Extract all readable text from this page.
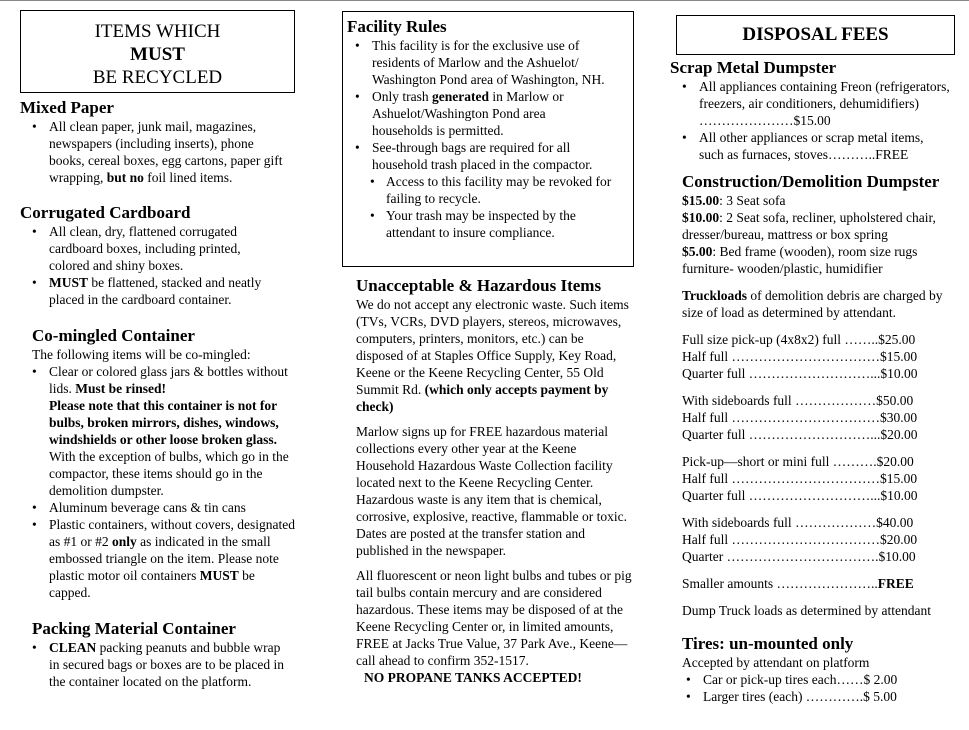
ITEMS WHICH
MUST
BE RECYCLED
Mixed Paper
• All clean paper, junk mail, magazines, newspapers (including inserts), phone books, cereal boxes, egg cartons, paper gift wrapping, but no foil lined items.
Corrugated Cardboard
• All clean, dry, flattened corrugated cardboard boxes, including printed, colored and shiny boxes.
• MUST be flattened, stacked and neatly placed in the cardboard container.
Co-mingled Container

The following items will be co-mingled:

• Clear or colored glass jars & bottles without lids. Must be rinsed!
Please note that this container is not for bulbs, broken mirrors, dishes, windows, windshields or other loose broken glass. With the exception of bulbs, which go in the compactor, these items should go in the demolition dumpster.
• Aluminum beverage cans & tin cans
• Plastic containers, without covers, designated as #1 or #2 only as indicated in the small embossed triangle on the item. Please note plastic motor oil containers MUST be capped.
Packing Material Container
• CLEAN packing peanuts and bubble wrap in secured bags or boxes are to be placed in the container located on the platform.
Facility Rules
• This facility is for the exclusive use of residents of Marlow and the Ashuelot/ Washington Pond area of Washington, NH.
• Only trash generated in Marlow or Ashuelot/Washington Pond area households is permitted.
• See-through bags are required for all household trash placed in the compactor.
• Access to this facility may be revoked for failing to recycle.
• Your trash may be inspected by the attendant to insure compliance.
Unacceptable & Hazardous Items

We do not accept any electronic waste. Such items (TVs, VCRs, DVD players, stereos, microwaves, computers, printers, monitors, etc.) can be disposed of at Staples Office Supply, Key Road, Keene or the Keene Recycling Center, 55 Old Summit Rd. (which only accepts payment by check)

Marlow signs up for FREE hazardous material collections every other year at the Keene Household Hazardous Waste Collection facility located next to the Keene Recycling Center. Hazardous waste is any item that is chemical, corrosive, explosive, reactive, flammable or toxic. Dates are posted at the transfer station and published in the newspaper.

All fluorescent or neon light bulbs and tubes or pig tail bulbs contain mercury and are considered hazardous. These items may be disposed of at the Keene Recycling Center or, in limited amounts, FREE at Jacks True Value, 37 Park Ave., Keene—call ahead to confirm 352-1517.

NO PROPANE TANKS ACCEPTED!

DISPOSAL FEES
Scrap Metal Dumpster
• All appliances containing Freon (refrigerators, freezers, air conditioners, dehumidifiers) …………………$15.00
• All other appliances or scrap metal items, such as furnaces, stoves………..FREE
Construction/Demolition Dumpster

$15.00: 3 Seat sofa

$10.00: 2 Seat sofa, recliner, upholstered chair, dresser/bureau, mattress or box spring

$5.00: Bed frame (wooden), room size rugs furniture- wooden/plastic, humidifier

Truckloads of demolition debris are charged by size of load as determined by attendant.

Full size pick-up (4x8x2) full ……..$25.00
Half full ……………………………$15.00
Quarter full ………………………...$10.00
With sideboards full ………………$50.00
Half full ……………………………$30.00
Quarter full ………………………...$20.00
Pick-up—short or mini full ……….$20.00
Half full ……………………………$15.00
Quarter full ………………………...$10.00
With sideboards full ………………$40.00
Half full ……………………………$20.00
Quarter …………………………….$10.00

Smaller amounts …………………..FREE

Dump Truck loads as determined by attendant

Tires: un-mounted only

Accepted by attendant on platform

• Car or pick-up tires each……$ 2.00
• Larger tires (each) ………….$ 5.00
